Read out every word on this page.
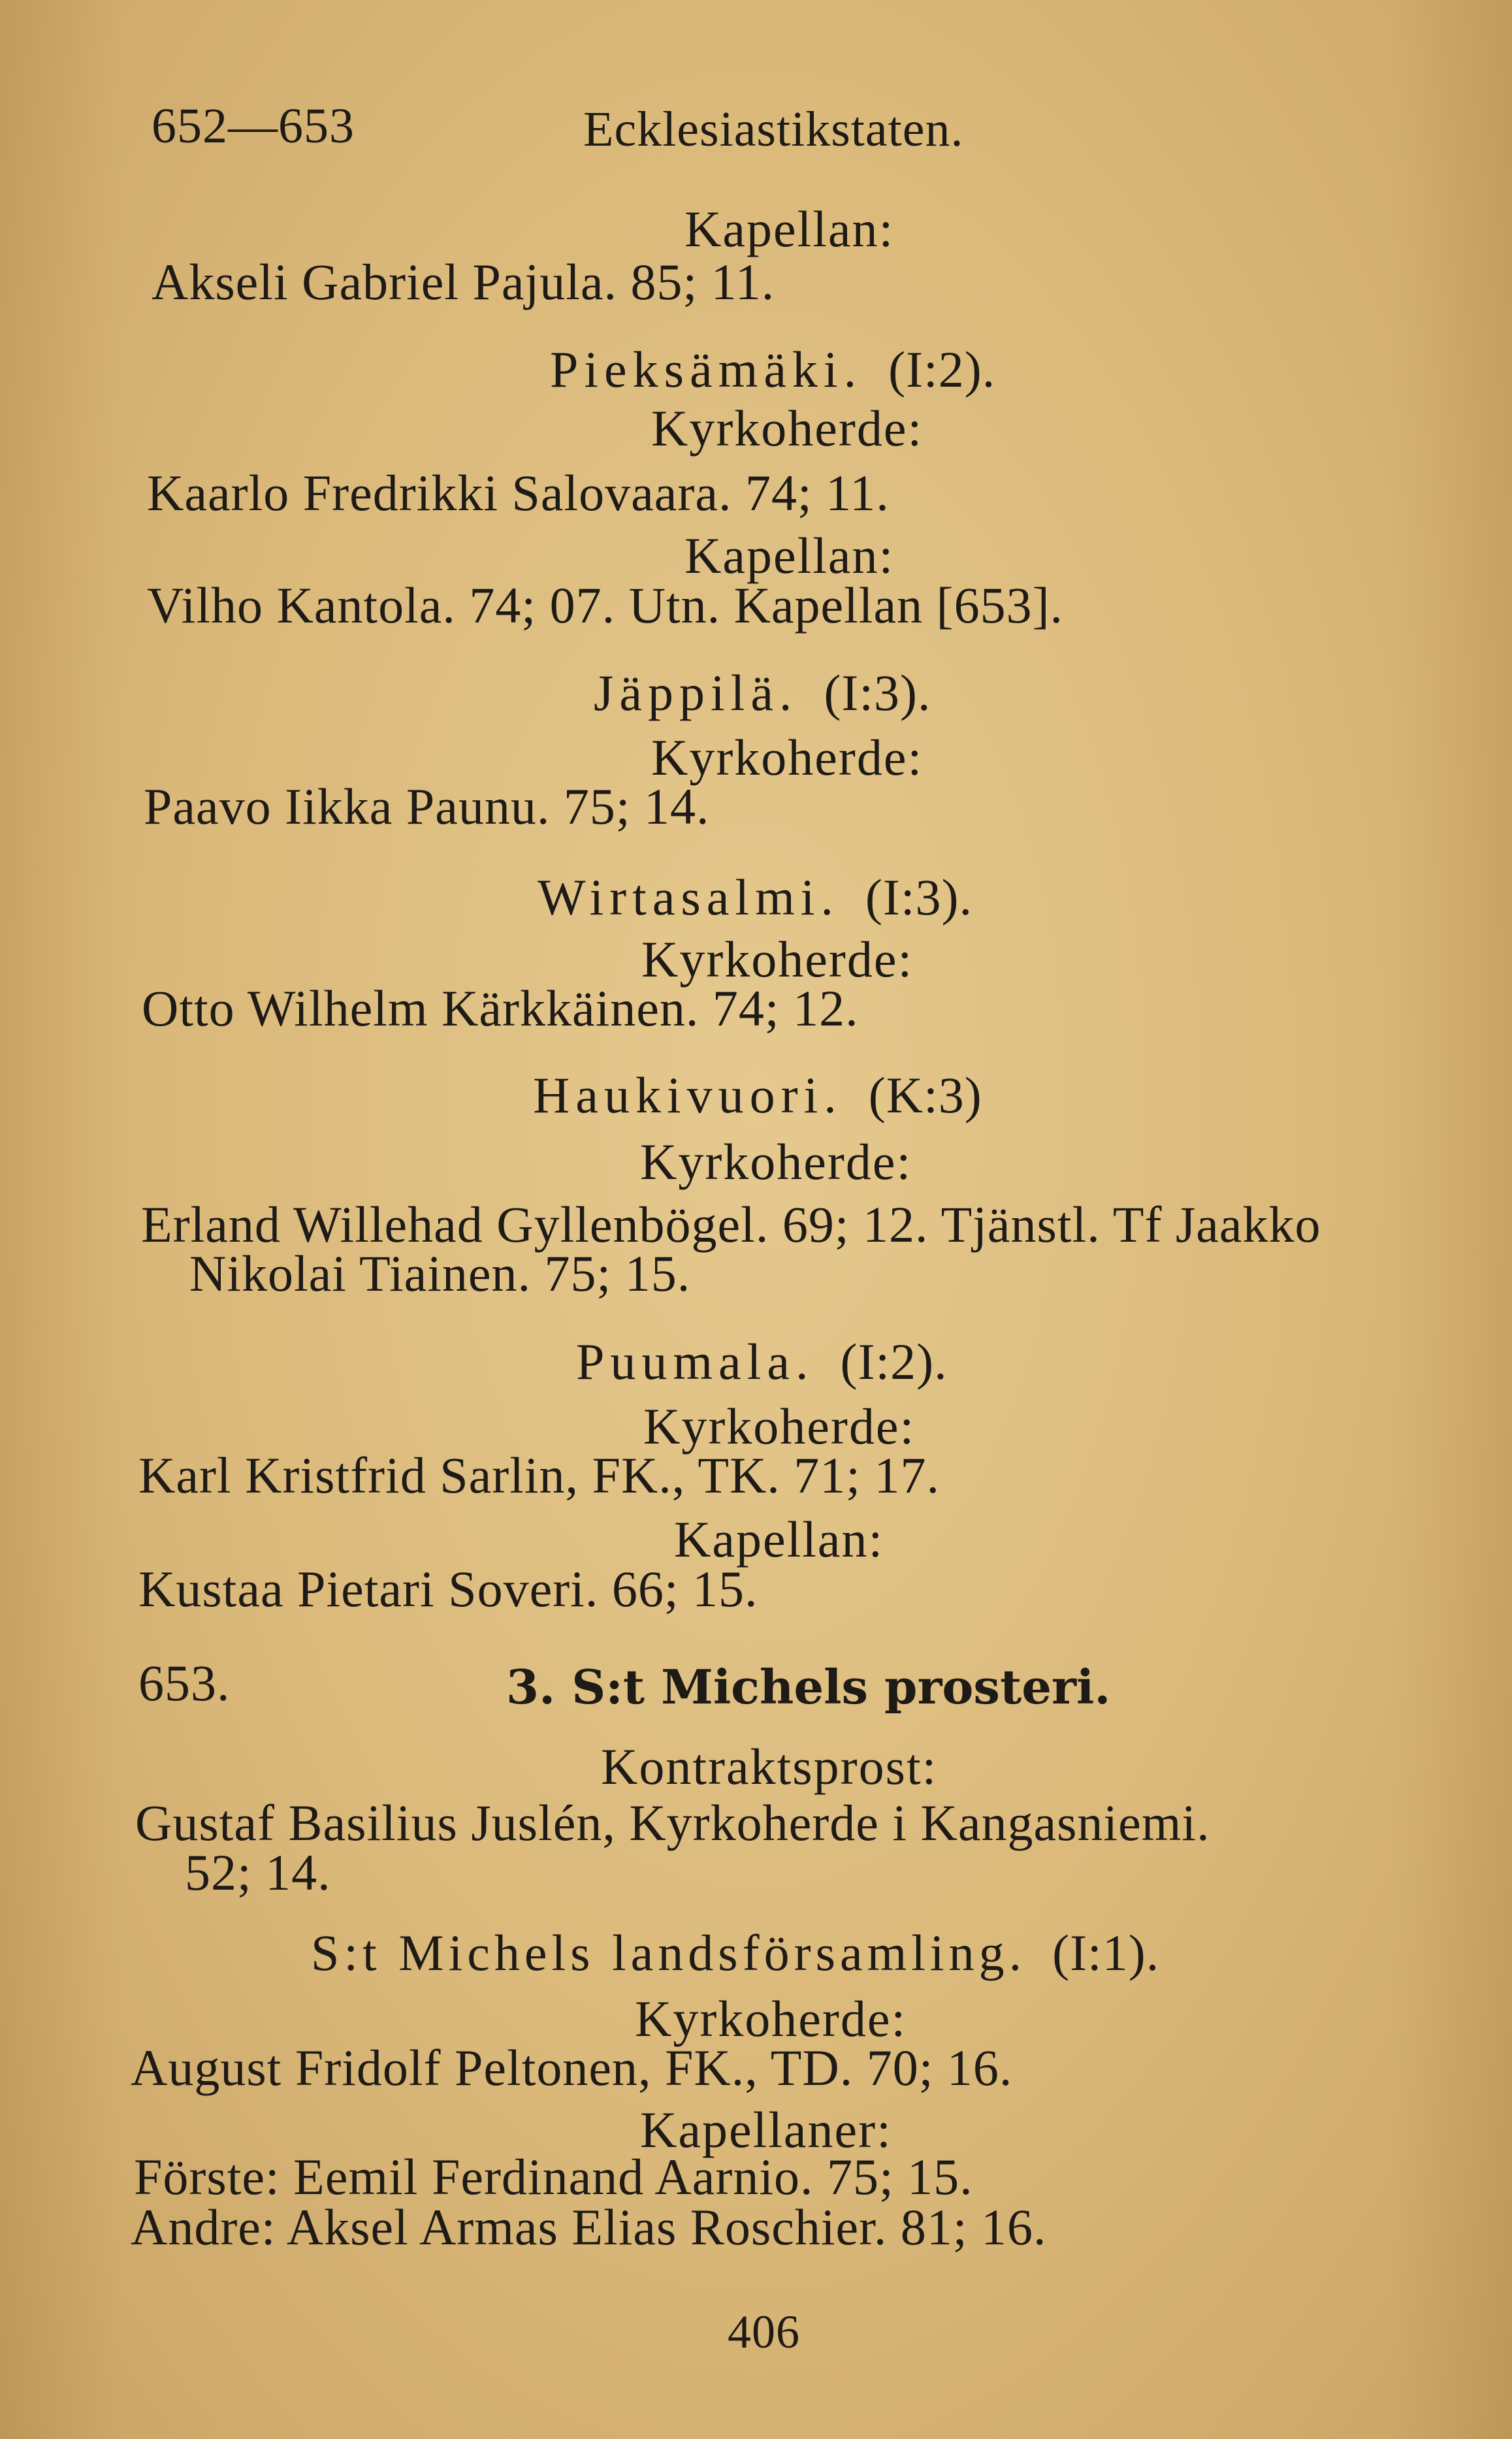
652—653	Ecklesiastikstaten.
Kapellan:
Akseli Gabriel Pajula. 85; 11.
Pieksämäki. (I:2).
Kyrkoherde:
Kaarlo Fredrikki Salovaara. 74; 11.
Kapellan:
Vilho Kantola. 74; 07. Utn. Kapellan [653].
Jäppilä. (I:3).
Kyrkoherde:
Paavo Iikka Paunu. 75; 14.
Wirtasalmi. (I:3).
Kyrkoherde:
Otto Wilhelm Kärkkäinen. 74; 12.
Haukivuori. (K:3)
Kyrkoherde:
Erland Willehad Gyllenbögel. 69; 12. Tjänstl. Tf Jaakko
Nikolai Tiainen. 75; 15.
Puumala. (I:2).
Kyrkoherde:
Karl Kristfrid Sarlin, FK., TK. 71; 17.
Kapellan:
Kustaa Pietari Soveri. 66; 15.
653.	3. S:t Michels prosteri.
Kontraktsprost:
Gustaf Basilius Juslén, Kyrkoherde i Kangasniemi.
52; 14.
S:t Michels landsförsamling. (I:1).
Kyrkoherde:
August Fridolf Peltonen, FK., TD. 70; 16.
Kapellaner:
Förste: Eemil Ferdinand Aarnio. 75; 15.
Andre: Aksel Armas Elias Roschier. 81; 16.
406
